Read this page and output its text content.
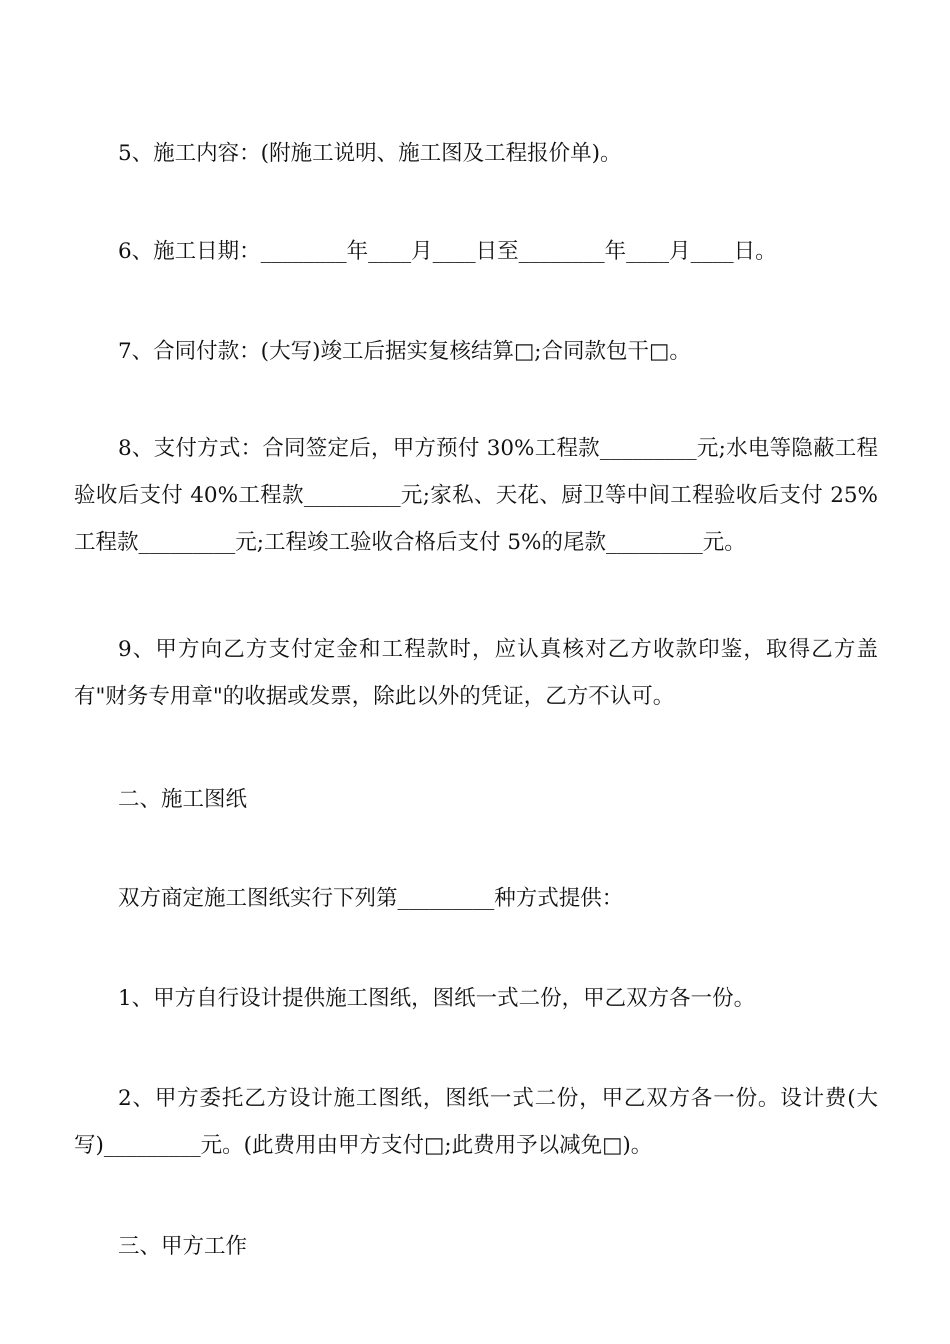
5、施工内容：(附施工说明、施工图及工程报价单)。

6、施工日期：________年____月____日至________年____月____日。

7、合同付款：(大写)竣工后据实复核结算□;合同款包干□。

8、支付方式：合同签定后，甲方预付 30%工程款_________元;水电等隐蔽工程验收后支付 40%工程款_________元;家私、天花、厨卫等中间工程验收后支付 25%工程款_________元;工程竣工验收合格后支付 5%的尾款_________元。

9、甲方向乙方支付定金和工程款时，应认真核对乙方收款印鉴，取得乙方盖有"财务专用章"的收据或发票，除此以外的凭证，乙方不认可。

二、施工图纸

双方商定施工图纸实行下列第_________种方式提供：

1、甲方自行设计提供施工图纸，图纸一式二份，甲乙双方各一份。

2、甲方委托乙方设计施工图纸，图纸一式二份，甲乙双方各一份。设计费(大写)_________元。(此费用由甲方支付□;此费用予以减免□)。

三、甲方工作
